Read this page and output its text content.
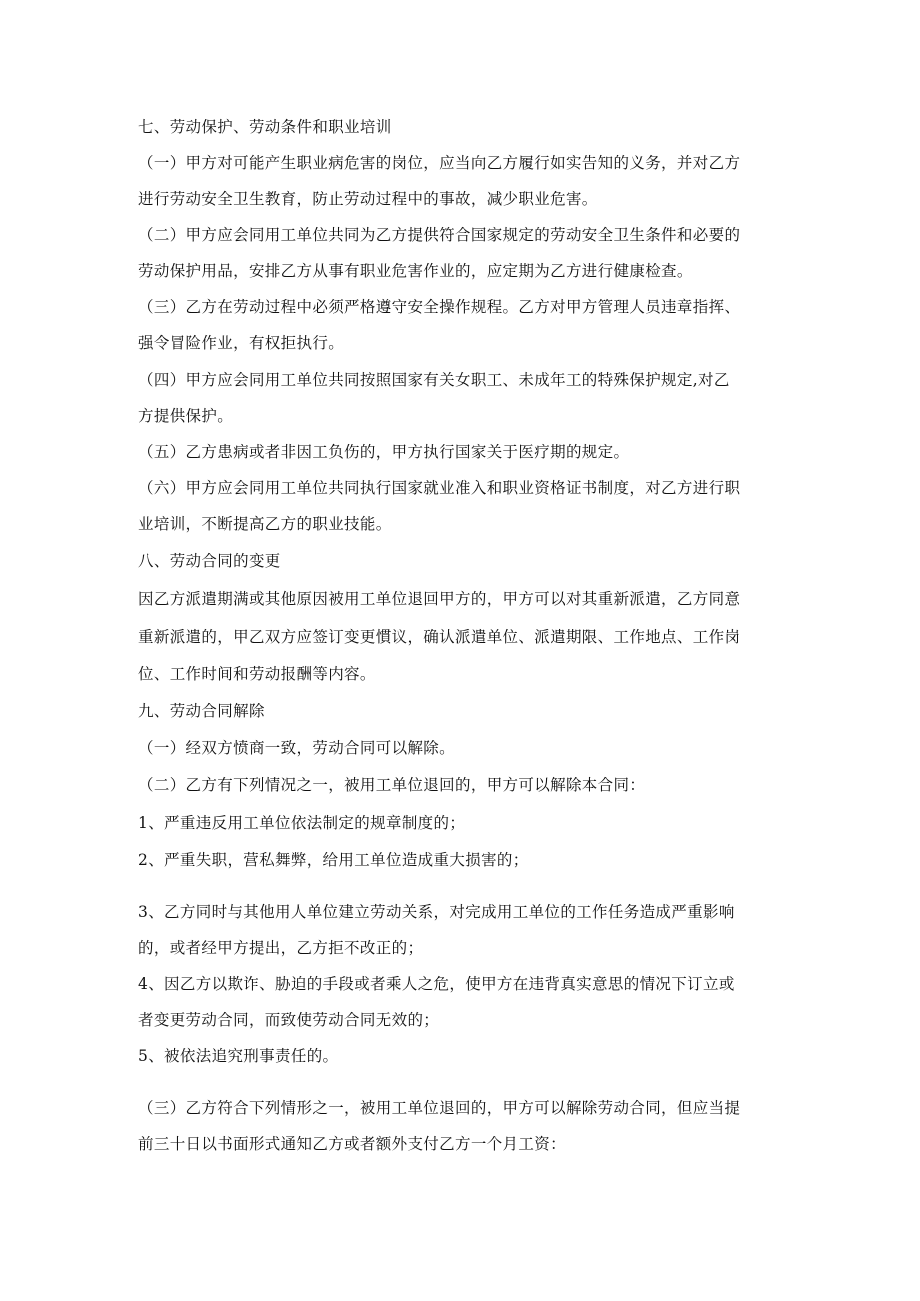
七、劳动保护、劳动条件和职业培训
（一）甲方对可能产生职业病危害的岗位，应当向乙方履行如实告知的义务，并对乙方
进行劳动安全卫生教育，防止劳动过程中的事故，减少职业危害。
（二）甲方应会同用工单位共同为乙方提供符合国家规定的劳动安全卫生条件和必要的
劳动保护用品，安排乙方从事有职业危害作业的，应定期为乙方进行健康检查。
（三）乙方在劳动过程中必须严格遵守安全操作规程。乙方对甲方管理人员违章指挥、
强令冒险作业，有权拒执行。
（四）甲方应会同用工单位共同按照国家有关女职工、未成年工的特殊保护规定,对乙
方提供保护。
（五）乙方患病或者非因工负伤的，甲方执行国家关于医疗期的规定。
（六）甲方应会同用工单位共同执行国家就业准入和职业资格证书制度，对乙方进行职
业培训，不断提高乙方的职业技能。
八、劳动合同的变更
因乙方派遣期满或其他原因被用工单位退回甲方的，甲方可以对其重新派遣，乙方同意
重新派遣的，甲乙双方应签订变更慣议，确认派遣单位、派遣期限、工作地点、工作岗
位、工作时间和劳动报酬等内容。
九、劳动合同解除
（一）经双方愤商一致，劳动合同可以解除。
（二）乙方有下列情况之一，被用工单位退回的，甲方可以解除本合同：
1、严重违反用工单位依法制定的规章制度的；
2、严重失职，营私舞弊，给用工单位造成重大损害的；
3、乙方同时与其他用人单位建立劳动关系，对完成用工单位的工作任务造成严重影响
的，或者经甲方提出，乙方拒不改正的；
4、因乙方以欺诈、胁迫的手段或者乘人之危，使甲方在违背真实意思的情况下订立或
者变更劳动合同，而致使劳动合同无效的；
5、被依法追究刑事责任的。
（三）乙方符合下列情形之一，被用工单位退回的，甲方可以解除劳动合同，但应当提
前三十日以书面形式通知乙方或者额外支付乙方一个月工资：
